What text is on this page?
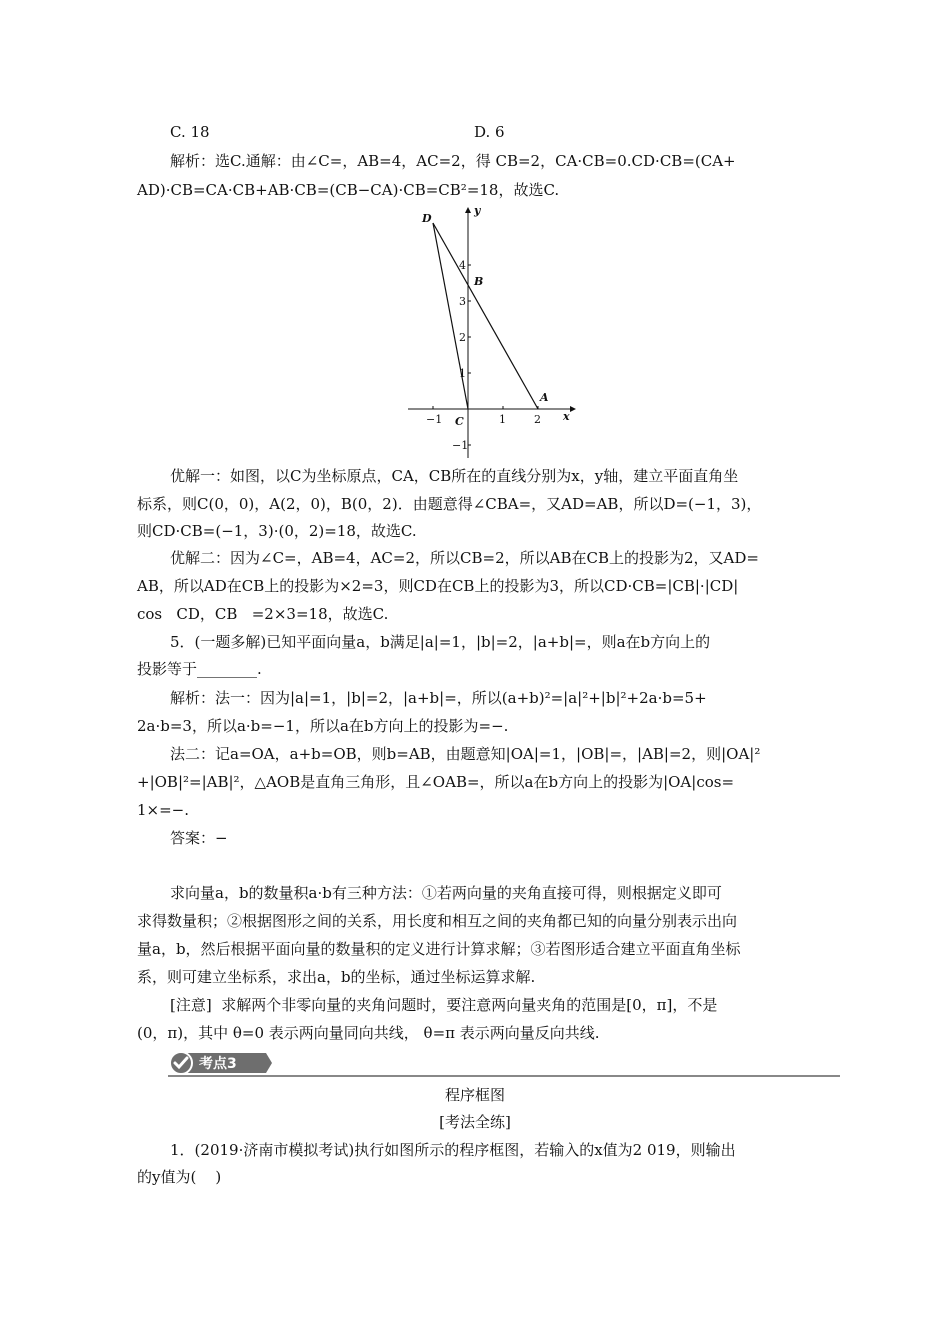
C. 18	D. 6
解析：选C.通解：由∠C=，AB=4，AC=2，得 CB=2，CA·CB=0.CD·CB=(CA+
AD)·CB=CA·CB+AB·CB=(CB−CA)·CB=CB²=18，故选C.
D
B
A
C	x
y
−1	1	2
4
3
2
1
−1
优解一：如图，以C为坐标原点，CA，CB所在的直线分别为x，y轴，建立平面直角坐
标系，则C(0，0)，A(2，0)，B(0，2)．由题意得∠CBA=，又AD=AB，所以D=(−1，3)，
则CD·CB=(−1，3)·(0，2)=18，故选C.
优解二：因为∠C=，AB=4，AC=2，所以CB=2，所以AB在CB上的投影为2，又AD=
AB，所以AD在CB上的投影为×2=3，则CD在CB上的投影为3，所以CD·CB=|CB|·|CD|
cos   CD，CB   =2×3=18，故选C.
5．(一题多解)已知平面向量a，b满足|a|=1，|b|=2，|a+b|=，则a在b方向上的
投影等于________.
解析：法一：因为|a|=1，|b|=2，|a+b|=，所以(a+b)²=|a|²+|b|²+2a·b=5+
2a·b=3，所以a·b=−1，所以a在b方向上的投影为=−.
法二：记a=OA，a+b=OB，则b=AB，由题意知|OA|=1，|OB|=，|AB|=2，则|OA|²
+|OB|²=|AB|²，△AOB是直角三角形，且∠OAB=，所以a在b方向上的投影为|OA|cos=
1×=−.
答案：−
求向量a，b的数量积a·b有三种方法：①若两向量的夹角直接可得，则根据定义即可
求得数量积；②根据图形之间的关系，用长度和相互之间的夹角都已知的向量分别表示出向
量a，b，然后根据平面向量的数量积的定义进行计算求解；③若图形适合建立平面直角坐标
系，则可建立坐标系，求出a，b的坐标，通过坐标运算求解.
[注意]  求解两个非零向量的夹角问题时，要注意两向量夹角的范围是[0，π]，不是
(0，π)，其中 θ=0 表示两向量同向共线， θ=π 表示两向量反向共线.
考点3
程序框图
[考法全练]
1．(2019·济南市模拟考试)执行如图所示的程序框图，若输入的x值为2 019，则输出
的y值为(    )
